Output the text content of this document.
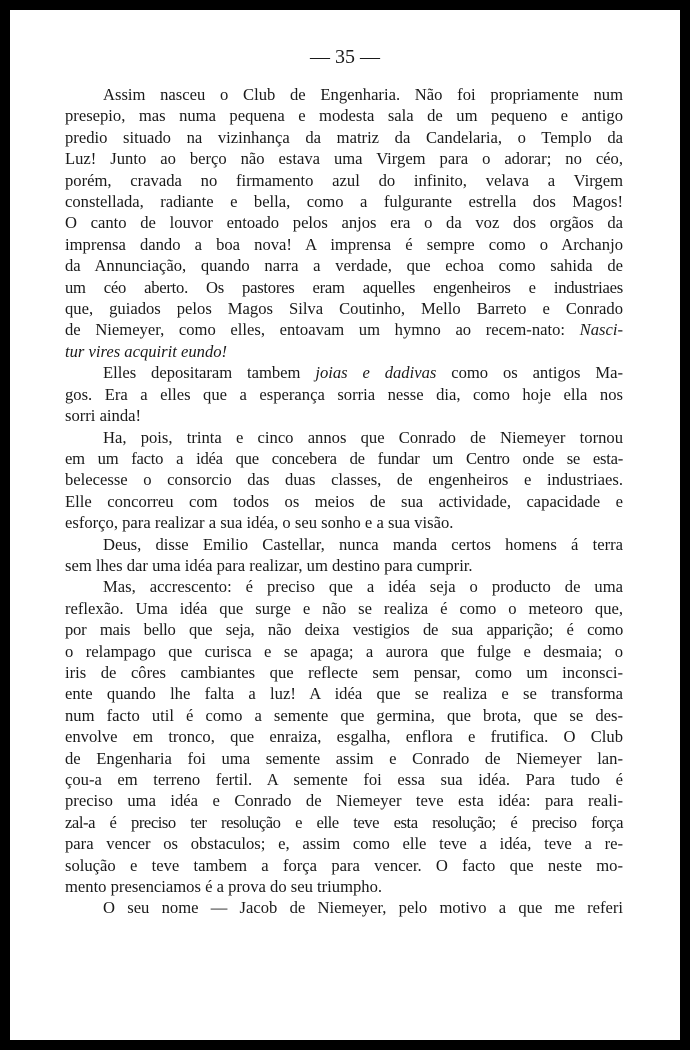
— 35 —

Assim nasceu o Club de Engenharia. Não foi propriamente num
presepio, mas numa pequena e modesta sala de um pequeno e antigo
predio situado na vizinhança da matriz da Candelaria, o Templo da
Luz! Junto ao berço não estava uma Virgem para o adorar; no céo,
porém, cravada no firmamento azul do infinito, velava a Virgem
constellada, radiante e bella, como a fulgurante estrella dos Magos!
O canto de louvor entoado pelos anjos era o da voz dos orgãos da
imprensa dando a boa nova! A imprensa é sempre como o Archanjo
da Annunciação, quando narra a verdade, que echoa como sahida de
um céo aberto. Os pastores eram aquelles engenheiros e industriaes
que, guiados pelos Magos Silva Coutinho, Mello Barreto e Conrado
de Niemeyer, como elles, entoavam um hymno ao recem-nato: Nasci-
tur vires acquirit eundo!

Elles depositaram tambem joias e dadivas como os antigos Ma-
gos. Era a elles que a esperança sorria nesse dia, como hoje ella nos
sorri ainda!

Ha, pois, trinta e cinco annos que Conrado de Niemeyer tornou
em um facto a idéa que concebera de fundar um Centro onde se esta-
belecesse o consorcio das duas classes, de engenheiros e industriaes.
Elle concorreu com todos os meios de sua actividade, capacidade e
esforço, para realizar a sua idéa, o seu sonho e a sua visão.

Deus, disse Emilio Castellar, nunca manda certos homens á terra
sem lhes dar uma idéa para realizar, um destino para cumprir.

Mas, accrescento: é preciso que a idéa seja o producto de uma
reflexão. Uma idéa que surge e não se realiza é como o meteoro que,
por mais bello que seja, não deixa vestigios de sua apparição; é como
o relampago que curisca e se apaga; a aurora que fulge e desmaia; o
iris de côres cambiantes que reflecte sem pensar, como um inconsci-
ente quando lhe falta a luz! A idéa que se realiza e se transforma
num facto util é como a semente que germina, que brota, que se des-
envolve em tronco, que enraiza, esgalha, enflora e frutifica. O Club
de Engenharia foi uma semente assim e Conrado de Niemeyer lan-
çou-a em terreno fertil. A semente foi essa sua idéa. Para tudo é
preciso uma idéa e Conrado de Niemeyer teve esta idéa: para reali-
zal-a é preciso ter resolução e elle teve esta resolução; é preciso força
para vencer os obstaculos; e, assim como elle teve a idéa, teve a re-
solução e teve tambem a força para vencer. O facto que neste mo-
mento presenciamos é a prova do seu triumpho.

O seu nome — Jacob de Niemeyer, pelo motivo a que me referi
